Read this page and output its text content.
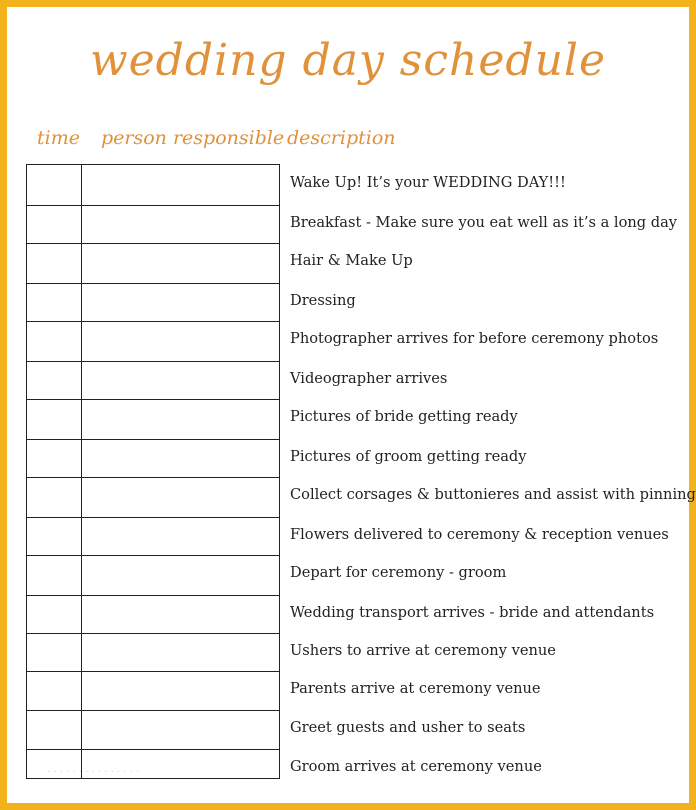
wedding day schedule
time person responsible description
Wake Up! It’s your WEDDING DAY!!!
Breakfast - Make sure you eat well as it’s a long day
Hair & Make Up
Dressing
Photographer arrives for before ceremony photos
Videographer arrives
Pictures of bride getting ready
Pictures of groom getting ready
Collect corsages & buttonieres and assist with pinning
Flowers delivered to ceremony & reception venues
Depart for ceremony - groom
Wedding transport arrives - bride and attendants
Ushers to arrive at ceremony venue
Parents arrive at ceremony venue
Greet guests and usher to seats
Groom arrives at ceremony venue
· · · · · · · · · · · · · · ·
